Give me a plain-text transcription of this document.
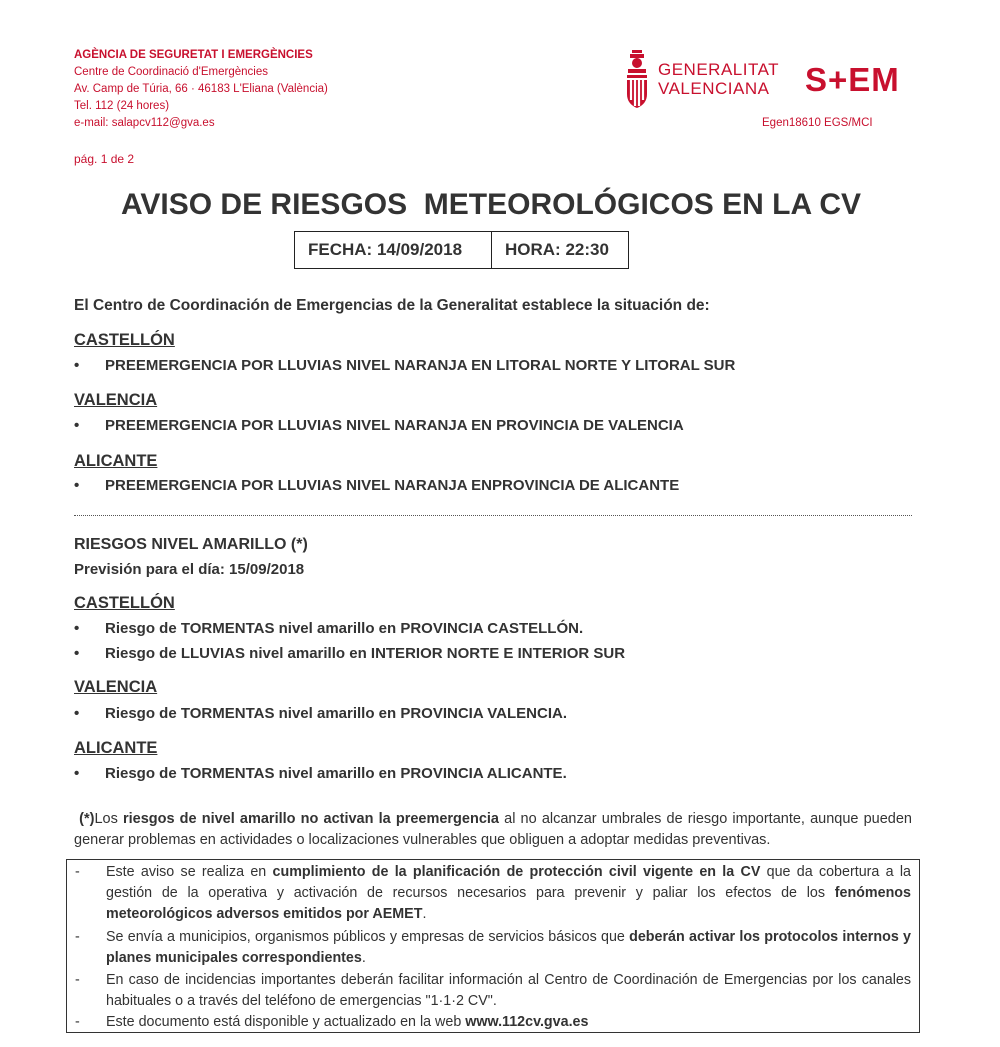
AGÈNCIA DE SEGURETAT I EMERGÈNCIES
Centre de Coordinació d'Emergències
Av. Camp de Túria, 66 · 46183 L'Eliana (València)
Tel. 112 (24 hores)
e-mail: salapcv112@gva.es
GENERALITAT
VALENCIANA S+EM
Egen18610 EGS/MCI
pág. 1 de 2
AVISO DE RIESGOS  METEOROLÓGICOS EN LA CV
FECHA: 14/09/2018	HORA: 22:30
El Centro de Coordinación de Emergencias de la Generalitat establece la situación de:
CASTELLÓN
• PREEMERGENCIA POR LLUVIAS NIVEL NARANJA EN LITORAL NORTE Y LITORAL SUR
VALENCIA
• PREEMERGENCIA POR LLUVIAS NIVEL NARANJA EN PROVINCIA DE VALENCIA
ALICANTE
• PREEMERGENCIA POR LLUVIAS NIVEL NARANJA ENPROVINCIA DE ALICANTE
RIESGOS NIVEL AMARILLO (*)
Previsión para el día: 15/09/2018
CASTELLÓN
• Riesgo de TORMENTAS nivel amarillo en PROVINCIA CASTELLÓN.
• Riesgo de LLUVIAS nivel amarillo en INTERIOR NORTE E INTERIOR SUR
VALENCIA
• Riesgo de TORMENTAS nivel amarillo en PROVINCIA VALENCIA.
ALICANTE
• Riesgo de TORMENTAS nivel amarillo en PROVINCIA ALICANTE.
(*)Los riesgos de nivel amarillo no activan la preemergencia al no alcanzar umbrales de riesgo importante, aunque pueden generar problemas en actividades o localizaciones vulnerables que obliguen a adoptar medidas preventivas.
- Este aviso se realiza en cumplimiento de la planificación de protección civil vigente en la CV que da cobertura a la gestión de la operativa y activación de recursos necesarios para prevenir y paliar los efectos de los fenómenos meteorológicos adversos emitidos por AEMET.
- Se envía a municipios, organismos públicos y empresas de servicios básicos que deberán activar los protocolos internos y planes municipales correspondientes.
- En caso de incidencias importantes deberán facilitar información al Centro de Coordinación de Emergencias por los canales habituales o a través del teléfono de emergencias "1·1·2 CV".
- Este documento está disponible y actualizado en la web www.112cv.gva.es
